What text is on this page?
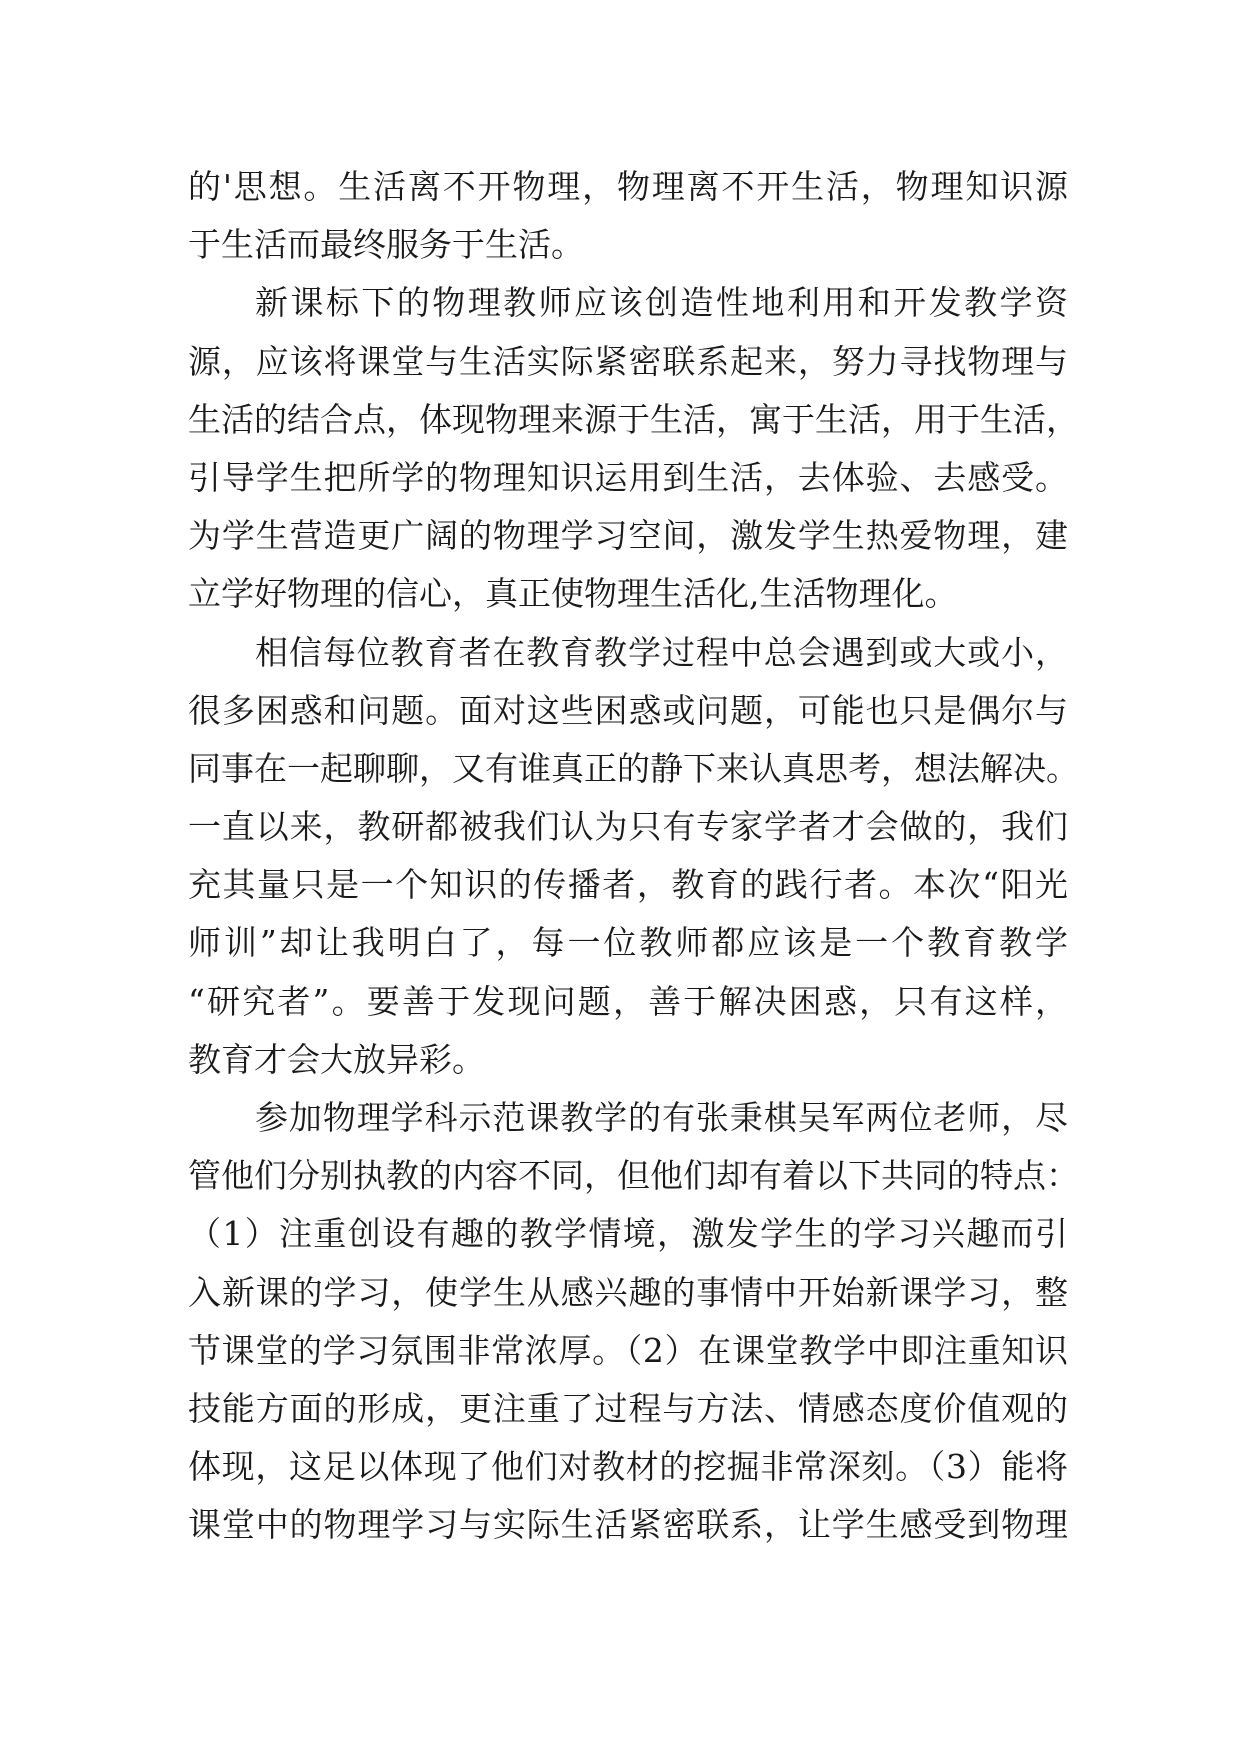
的'思想。生活离不开物理，物理离不开生活，物理知识源
于生活而最终服务于生活。
新课标下的物理教师应该创造性地利用和开发教学资
源，应该将课堂与生活实际紧密联系起来，努力寻找物理与
生活的结合点，体现物理来源于生活，寓于生活，用于生活，
引导学生把所学的物理知识运用到生活，去体验、去感受。
为学生营造更广阔的物理学习空间，激发学生热爱物理，建
立学好物理的信心，真正使物理生活化,生活物理化。
相信每位教育者在教育教学过程中总会遇到或大或小，
很多困惑和问题。面对这些困惑或问题，可能也只是偶尔与
同事在一起聊聊，又有谁真正的静下来认真思考，想法解决。
一直以来，教研都被我们认为只有专家学者才会做的，我们
充其量只是一个知识的传播者，教育的践行者。本次“阳光
师训”却让我明白了，每一位教师都应该是一个教育教学
“研究者”。要善于发现问题，善于解决困惑，只有这样，
教育才会大放异彩。
参加物理学科示范课教学的有张秉棋吴军两位老师，尽
管他们分别执教的内容不同，但他们却有着以下共同的特点：
（1）注重创设有趣的教学情境，激发学生的学习兴趣而引
入新课的学习，使学生从感兴趣的事情中开始新课学习，整
节课堂的学习氛围非常浓厚。（2）在课堂教学中即注重知识
技能方面的形成，更注重了过程与方法、情感态度价值观的
体现，这足以体现了他们对教材的挖掘非常深刻。（3）能将
课堂中的物理学习与实际生活紧密联系，让学生感受到物理
